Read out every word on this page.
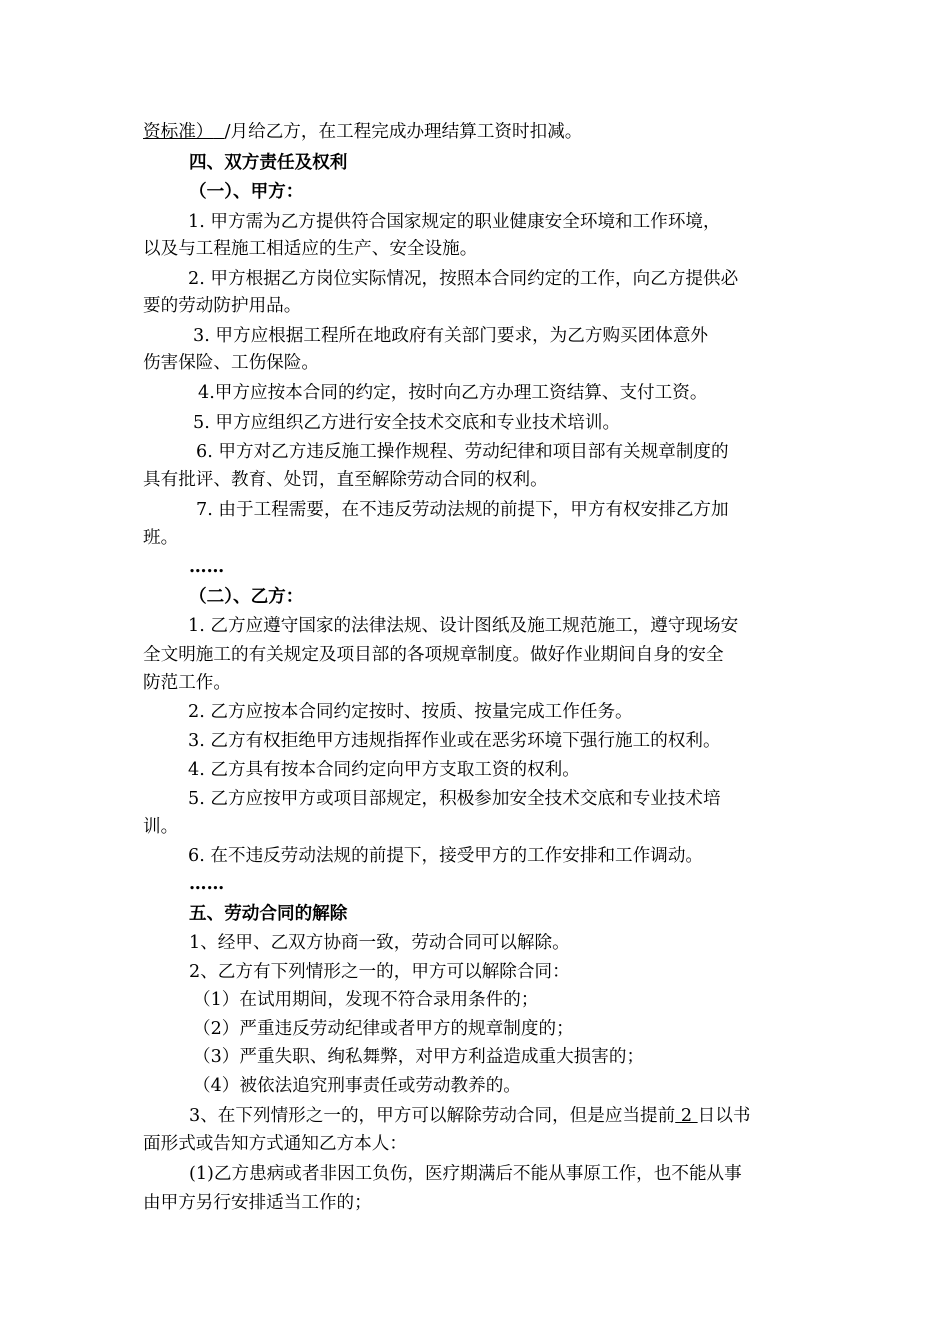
资标准） /月给乙方，在工程完成办理结算工资时扣减。
四、双方责任及权利
（一）、甲方：
1. 甲方需为乙方提供符合国家规定的职业健康安全环境和工作环境，
以及与工程施工相适应的生产、安全设施。
2. 甲方根据乙方岗位实际情况，按照本合同约定的工作，向乙方提供必
要的劳动防护用品。
3. 甲方应根据工程所在地政府有关部门要求，为乙方购买团体意外
伤害保险、工伤保险。
4.甲方应按本合同的约定，按时向乙方办理工资结算、支付工资。
5. 甲方应组织乙方进行安全技术交底和专业技术培训。
6. 甲方对乙方违反施工操作规程、劳动纪律和项目部有关规章制度的
具有批评、教育、处罚，直至解除劳动合同的权利。
7. 由于工程需要，在不违反劳动法规的前提下，甲方有权安排乙方加
班。
……
（二）、乙方：
1. 乙方应遵守国家的法律法规、设计图纸及施工规范施工，遵守现场安
全文明施工的有关规定及项目部的各项规章制度。做好作业期间自身的安全
防范工作。
2. 乙方应按本合同约定按时、按质、按量完成工作任务。
3. 乙方有权拒绝甲方违规指挥作业或在恶劣环境下强行施工的权利。
4. 乙方具有按本合同约定向甲方支取工资的权利。
5. 乙方应按甲方或项目部规定，积极参加安全技术交底和专业技术培
训。
6. 在不违反劳动法规的前提下，接受甲方的工作安排和工作调动。
……
五、劳动合同的解除
1、经甲、乙双方协商一致，劳动合同可以解除。
2、乙方有下列情形之一的，甲方可以解除合同：
（1）在试用期间，发现不符合录用条件的；
（2）严重违反劳动纪律或者甲方的规章制度的；
（3）严重失职、绚私舞弊，对甲方利益造成重大损害的；
（4）被依法追究刑事责任或劳动教养的。
3、在下列情形之一的，甲方可以解除劳动合同，但是应当提前 2 日以书
面形式或告知方式通知乙方本人：
(1)乙方患病或者非因工负伤，医疗期满后不能从事原工作，也不能从事
由甲方另行安排适当工作的；
